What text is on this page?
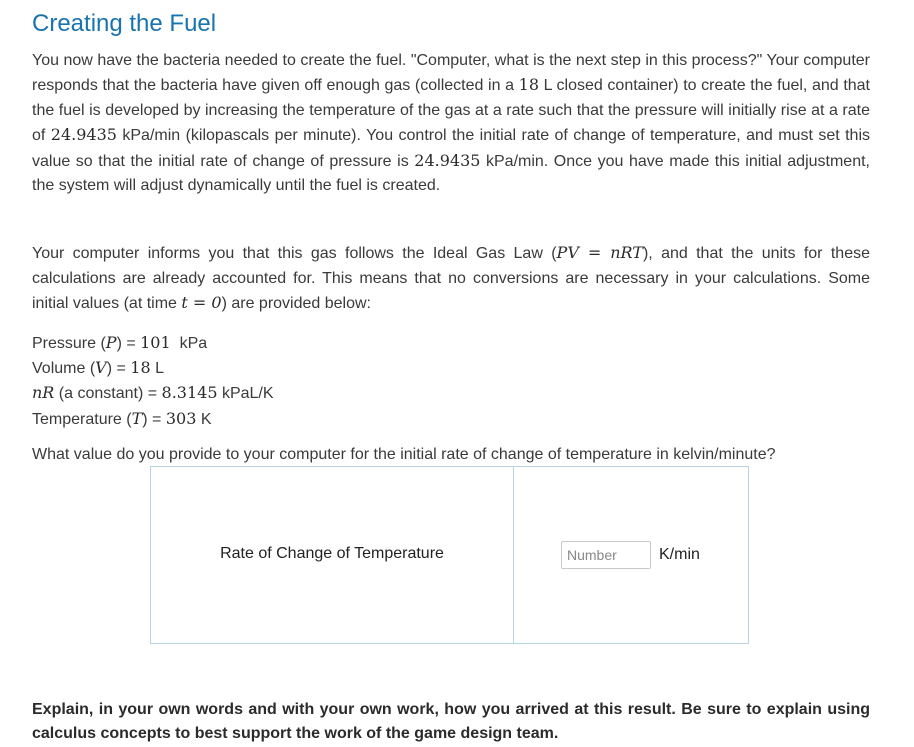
Creating the Fuel

You now have the bacteria needed to create the fuel. "Computer, what is the next step in this process?" Your computer responds that the bacteria have given off enough gas (collected in a 18 L closed container) to create the fuel, and that the fuel is developed by increasing the temperature of the gas at a rate such that the pressure will initially rise at a rate of 24.9435 kPa/min (kilopascals per minute). You control the initial rate of change of temperature, and must set this value so that the initial rate of change of pressure is 24.9435 kPa/min. Once you have made this initial adjustment, the system will adjust dynamically until the fuel is created.

Your computer informs you that this gas follows the Ideal Gas Law (PV = nRT), and that the units for these calculations are already accounted for. This means that no conversions are necessary in your calculations. Some initial values (at time t = 0) are provided below:

Pressure (P) = 101  kPa
Volume (V) = 18 L
nR (a constant) = 8.3145 kPaL/K
Temperature (T) = 303 K

What value do you provide to your computer for the initial rate of change of temperature in kelvin/minute?

Rate of Change of Temperature
Number	K/min

Explain, in your own words and with your own work, how you arrived at this result. Be sure to explain using calculus concepts to best support the work of the game design team.
